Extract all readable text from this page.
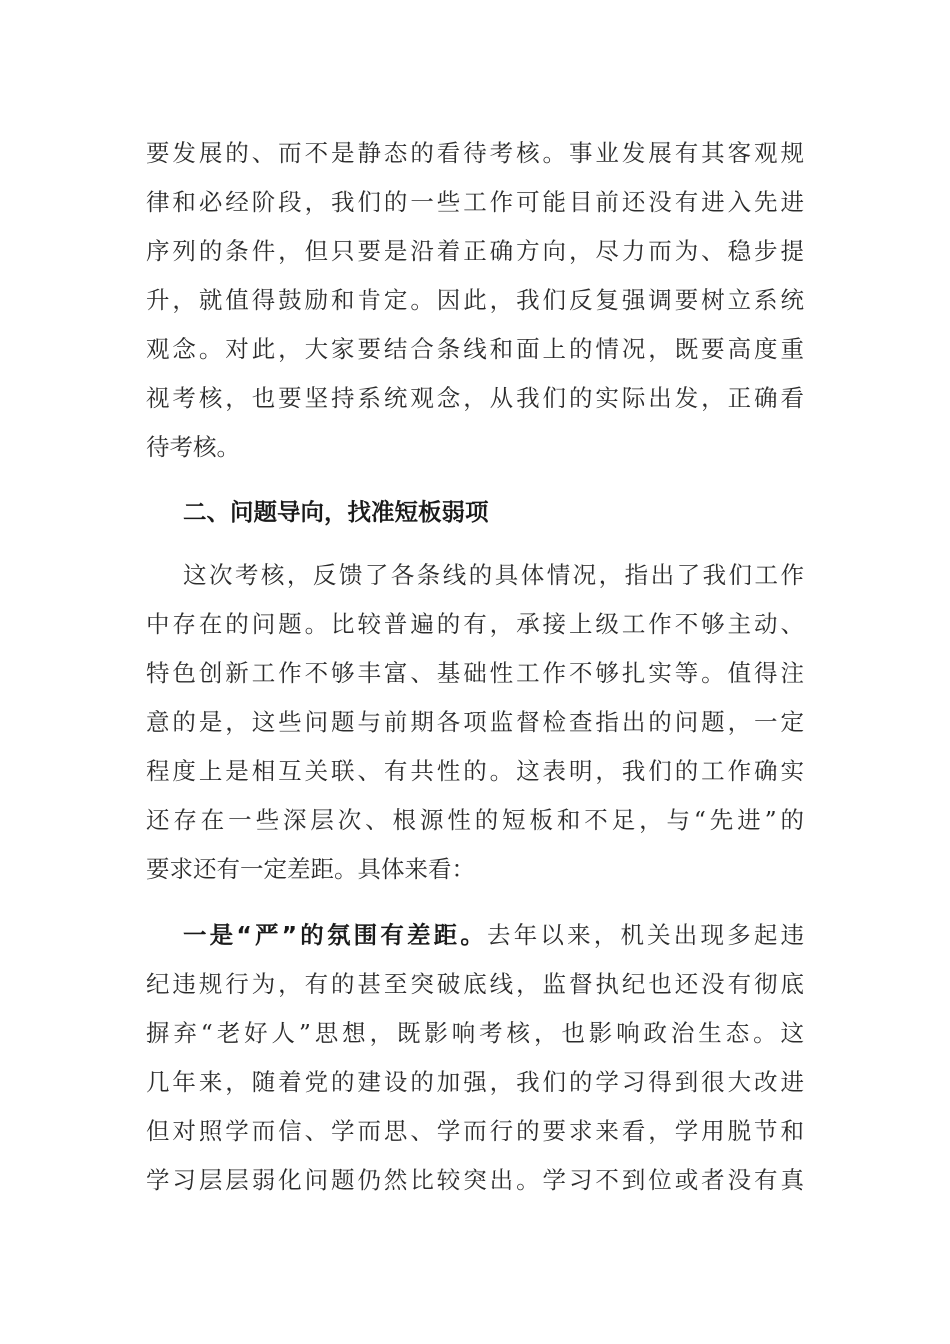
要发展的、而不是静态的看待考核。事业发展有其客观规
律和必经阶段，我们的一些工作可能目前还没有进入先进
序列的条件，但只要是沿着正确方向，尽力而为、稳步提
升，就值得鼓励和肯定。因此，我们反复强调要树立系统
观念。对此，大家要结合条线和面上的情况，既要高度重
视考核，也要坚持系统观念，从我们的实际出发，正确看
待考核。
二、问题导向，找准短板弱项
这次考核，反馈了各条线的具体情况，指出了我们工作
中存在的问题。比较普遍的有，承接上级工作不够主动、
特色创新工作不够丰富、基础性工作不够扎实等。值得注
意的是，这些问题与前期各项监督检查指出的问题，一定
程度上是相互关联、有共性的。这表明，我们的工作确实
还存在一些深层次、根源性的短板和不足，与“先进”的
要求还有一定差距。具体来看：
一是“严”的氛围有差距。去年以来，机关出现多起违
纪违规行为，有的甚至突破底线，监督执纪也还没有彻底
摒弃“老好人”思想，既影响考核，也影响政治生态。这
几年来，随着党的建设的加强，我们的学习得到很大改进
但对照学而信、学而思、学而行的要求来看，学用脱节和
学习层层弱化问题仍然比较突出。学习不到位或者没有真
